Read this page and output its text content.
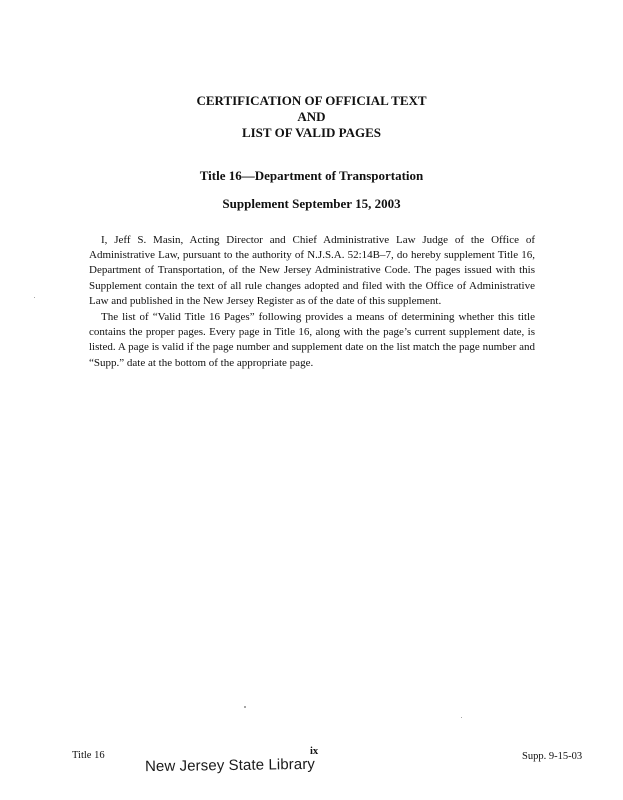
CERTIFICATION OF OFFICIAL TEXT
AND
LIST OF VALID PAGES
Title 16—Department of Transportation
Supplement September 15, 2003

I, Jeff S. Masin, Acting Director and Chief Administrative Law Judge of the Office of Administrative Law, pursuant to the authority of N.J.S.A. 52:14B–7, do hereby supplement Title 16, Department of Transportation, of the New Jersey Administrative Code. The pages issued with this Supplement contain the text of all rule changes adopted and filed with the Office of Administrative Law and published in the New Jersey Register as of the date of this supplement.

The list of “Valid Title 16 Pages” following provides a means of determining whether this title contains the proper pages. Every page in Title 16, along with the page’s current supplement date, is listed. A page is valid if the page number and supplement date on the list match the page number and “Supp.” date at the bottom of the appropriate page.

Title 16	ix	Supp. 9-15-03
New Jersey State Library
